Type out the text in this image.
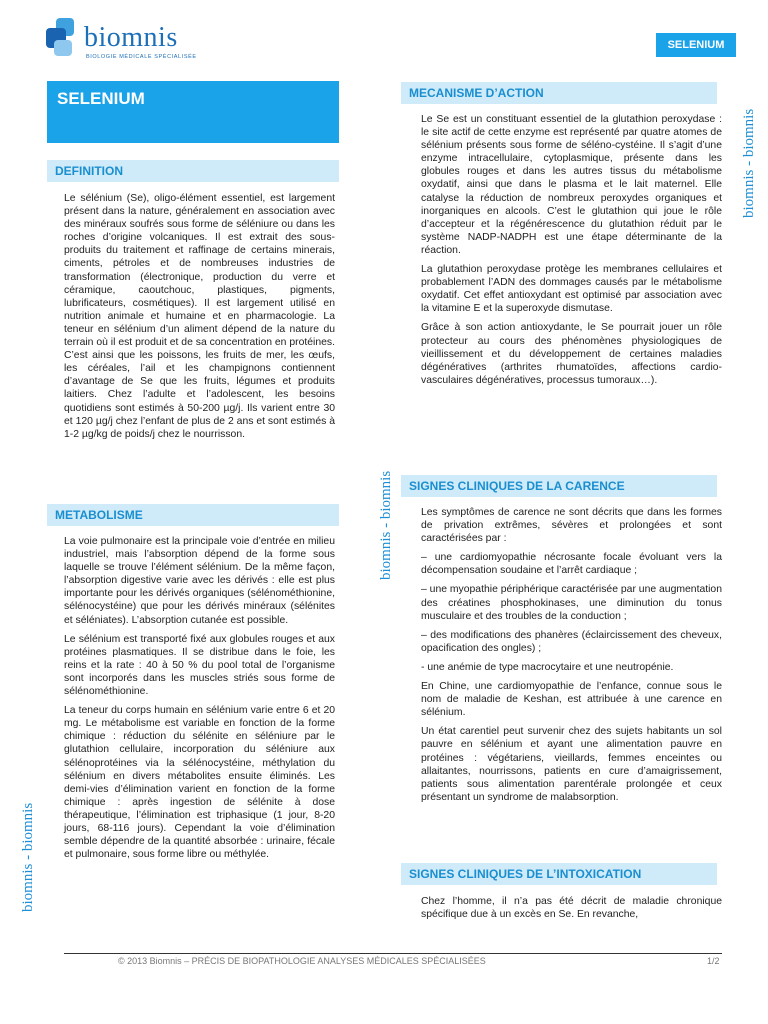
biomnis
BIOLOGIE MÉDICALE SPÉCIALISÉE
SELENIUM
SELENIUM
DEFINITION

Le sélénium (Se), oligo-élément essentiel, est largement présent dans la nature, généralement en association avec des minéraux soufrés sous forme de séléniure ou dans les roches d’origine volcaniques. Il est extrait des sous-produits du traitement et raffinage de certains minerais, ciments, pétroles et de nombreuses industries de transformation (électronique, production du verre et céramique, caoutchouc, plastiques, pigments, lubrificateurs, cosmétiques). Il est largement utilisé en nutrition animale et humaine et en pharmacologie. La teneur en sélénium d’un aliment dépend de la nature du terrain où il est produit et de sa concentration en protéines. C’est ainsi que les poissons, les fruits de mer, les œufs, les céréales, l’ail et les champignons contiennent d’avantage de Se que les fruits, légumes et produits laitiers. Chez l’adulte et l’adolescent, les besoins quotidiens sont estimés à 50-200 µg/j. Ils varient entre 30 et 120 µg/j chez l’enfant de plus de 2 ans et sont estimés à 1-2 µg/kg de poids/j chez le nourrisson.

METABOLISME

La voie pulmonaire est la principale voie d’entrée en milieu industriel, mais l’absorption dépend de la forme sous laquelle se trouve l’élément sélénium. De la même façon, l’absorption digestive varie avec les dérivés : elle est plus importante pour les dérivés organiques (sélénométhionine, sélénocystéine) que pour les dérivés minéraux (sélénites et séléniates). L’absorption cutanée est possible.

Le sélénium est transporté fixé aux globules rouges et aux protéines plasmatiques. Il se distribue dans le foie, les reins et la rate : 40 à 50 % du pool total de l’organisme sont incorporés dans les muscles striés sous forme de sélénométhionine.

La teneur du corps humain en sélénium varie entre 6 et 20 mg. Le métabolisme est variable en fonction de la forme chimique : réduction du sélénite en séléniure par le glutathion cellulaire, incorporation du séléniure aux sélénoprotéines via la sélénocystéine, méthylation du sélénium en divers métabolites ensuite éliminés. Les demi-vies d’élimination varient en fonction de la forme chimique : après ingestion de sélénite à dose thérapeutique, l’élimination est triphasique (1 jour, 8-20 jours, 68-116 jours). Cependant la voie d’élimination semble dépendre de la quantité absorbée : urinaire, fécale et pulmonaire, sous forme libre ou méthylée.

MECANISME D’ACTION

Le Se est un constituant essentiel de la glutathion peroxydase : le site actif de cette enzyme est représenté par quatre atomes de sélénium présents sous forme de séléno-cystéine. Il s’agit d’une enzyme intracellulaire, cytoplasmique, présente dans les globules rouges et dans les autres tissus du métabolisme oxydatif, ainsi que dans le plasma et le lait maternel. Elle catalyse la réduction de nombreux peroxydes organiques et inorganiques en alcools. C’est le glutathion qui joue le rôle d’accepteur et la régénérescence du glutathion réduit par le système NADP-NADPH est une étape déterminante de la réaction.

La glutathion peroxydase protège les membranes cellulaires et probablement l’ADN des dommages causés par le métabolisme oxydatif. Cet effet antioxydant est optimisé par association avec la vitamine E et la superoxyde dismutase.

Grâce à son action antioxydante, le Se pourrait jouer un rôle protecteur au cours des phénomènes physiologiques de vieillissement et du développement de certaines maladies dégénératives (arthrites rhumatoïdes, affections cardio-vasculaires dégénératives, processus tumoraux…).

SIGNES CLINIQUES DE LA CARENCE

Les symptômes de carence ne sont décrits que dans les formes de privation extrêmes, sévères et prolongées et sont caractérisées par :

– une cardiomyopathie nécrosante focale évoluant vers la décompensation soudaine et l’arrêt cardiaque ;

– une myopathie périphérique caractérisée par une augmentation des créatines phosphokinases, une diminution du tonus musculaire et des troubles de la conduction ;

– des modifications des phanères (éclaircissement des cheveux, opacification des ongles) ;

- une anémie de type macrocytaire et une neutropénie.

En Chine, une cardiomyopathie de l’enfance, connue sous le nom de maladie de Keshan, est attribuée à une carence en sélénium.

Un état carentiel peut survenir chez des sujets habitants un sol pauvre en sélénium et ayant une alimentation pauvre en protéines : végétariens, vieillards, femmes enceintes ou allaitantes, nourrissons, patients en cure d’amaigrissement, patients sous alimentation parentérale prolongée et ceux présentant un syndrome de malabsorption.

SIGNES CLINIQUES DE L’INTOXICATION

Chez l’homme, il n’a pas été décrit de maladie chronique spécifique due à un excès en Se. En revanche,

biomnis - biomnis
biomnis - biomnis
biomnis - biomnis
© 2013 Biomnis – PRÉCIS DE BIOPATHOLOGIE ANALYSES MÉDICALES SPÉCIALISÉES	1/2
